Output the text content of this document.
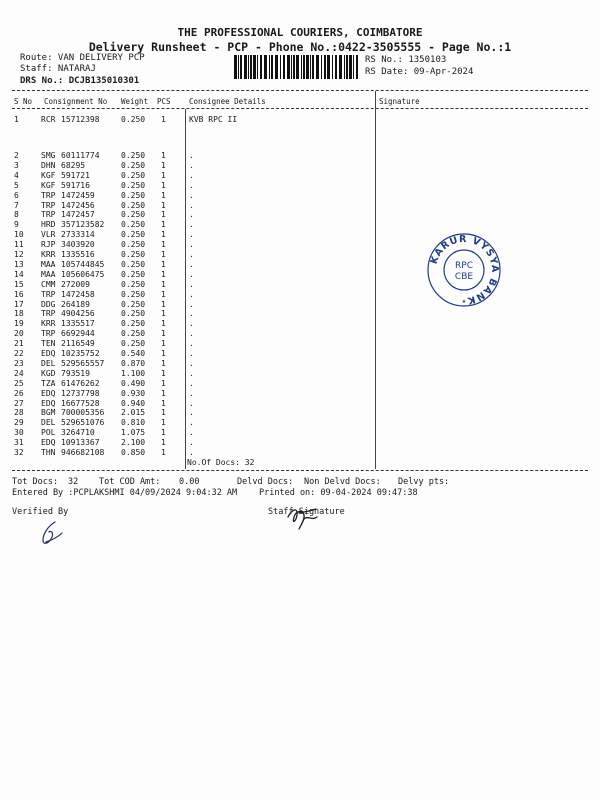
THE PROFESSIONAL COURIERS, COIMBATORE
Delivery Runsheet - PCP - Phone No.:0422-3505555 - Page No.:1
Route: VAN DELIVERY PCP
Staff: NATARAJ
DRS No.: DCJB135010301
RS No.: 1350103
RS Date: 09-Apr-2024
S No Consignment No Weight PCS Consignee Details	Signature
1	RCR 15712398	0.250 1	KVB RPC II
2	SMG 60111774	0.250 1	.
3	DHN 68295	0.250 1	.
4	KGF 591721	0.250 1	.
5	KGF 591716	0.250 1	.
6	TRP 1472459	0.250 1	.
7	TRP 1472456	0.250 1	.
8	TRP 1472457	0.250 1	.
9	HRD 357123582 0.250 1	.
10 VLR 2733314	0.250 1	.
11 RJP 3403920	0.250 1	.
12 KRR 1335516	0.250 1	.
13 MAA 105744845 0.250 1	.
14 MAA 105606475 0.250 1	.
15 CMM 272009	0.250 1	.
16 TRP 1472458	0.250 1	.
17 DDG 264189	0.250 1	.
18 TRP 4904256	0.250 1	.
19 KRR 1335517	0.250 1	.
20 TRP 6692944	0.250 1	.
21 TEN 2116549	0.250 1	.
22 EDQ 10235752	0.540 1	.
23 DEL 529565557 0.870 1	.
24 KGD 793519	1.100 1	.
25 TZA 61476262	0.490 1	.
26 EDQ 12737798	0.930 1	.
27 EDQ 16677528	0.940 1	.
28 BGM 700005356 2.015 1	.
29 DEL 529651076 0.810 1	.
30 POL 3264710	1.075 1	.
31 EDQ 10913367	2.100 1	.
32 THN 946682108 0.850 1	.
No.Of Docs: 32
Tot Docs: 32 Tot COD Amt: 0.00	Delvd Docs: Non Delvd Docs: Delvy pts:
Entered By :PCPLAKSHMI 04/09/2024 9:04:32 AM	Printed on: 09-04-2024 09:47:38
Verified By	Staff Signature
KARUR VYSYA BANK
RPC
CBE
★
